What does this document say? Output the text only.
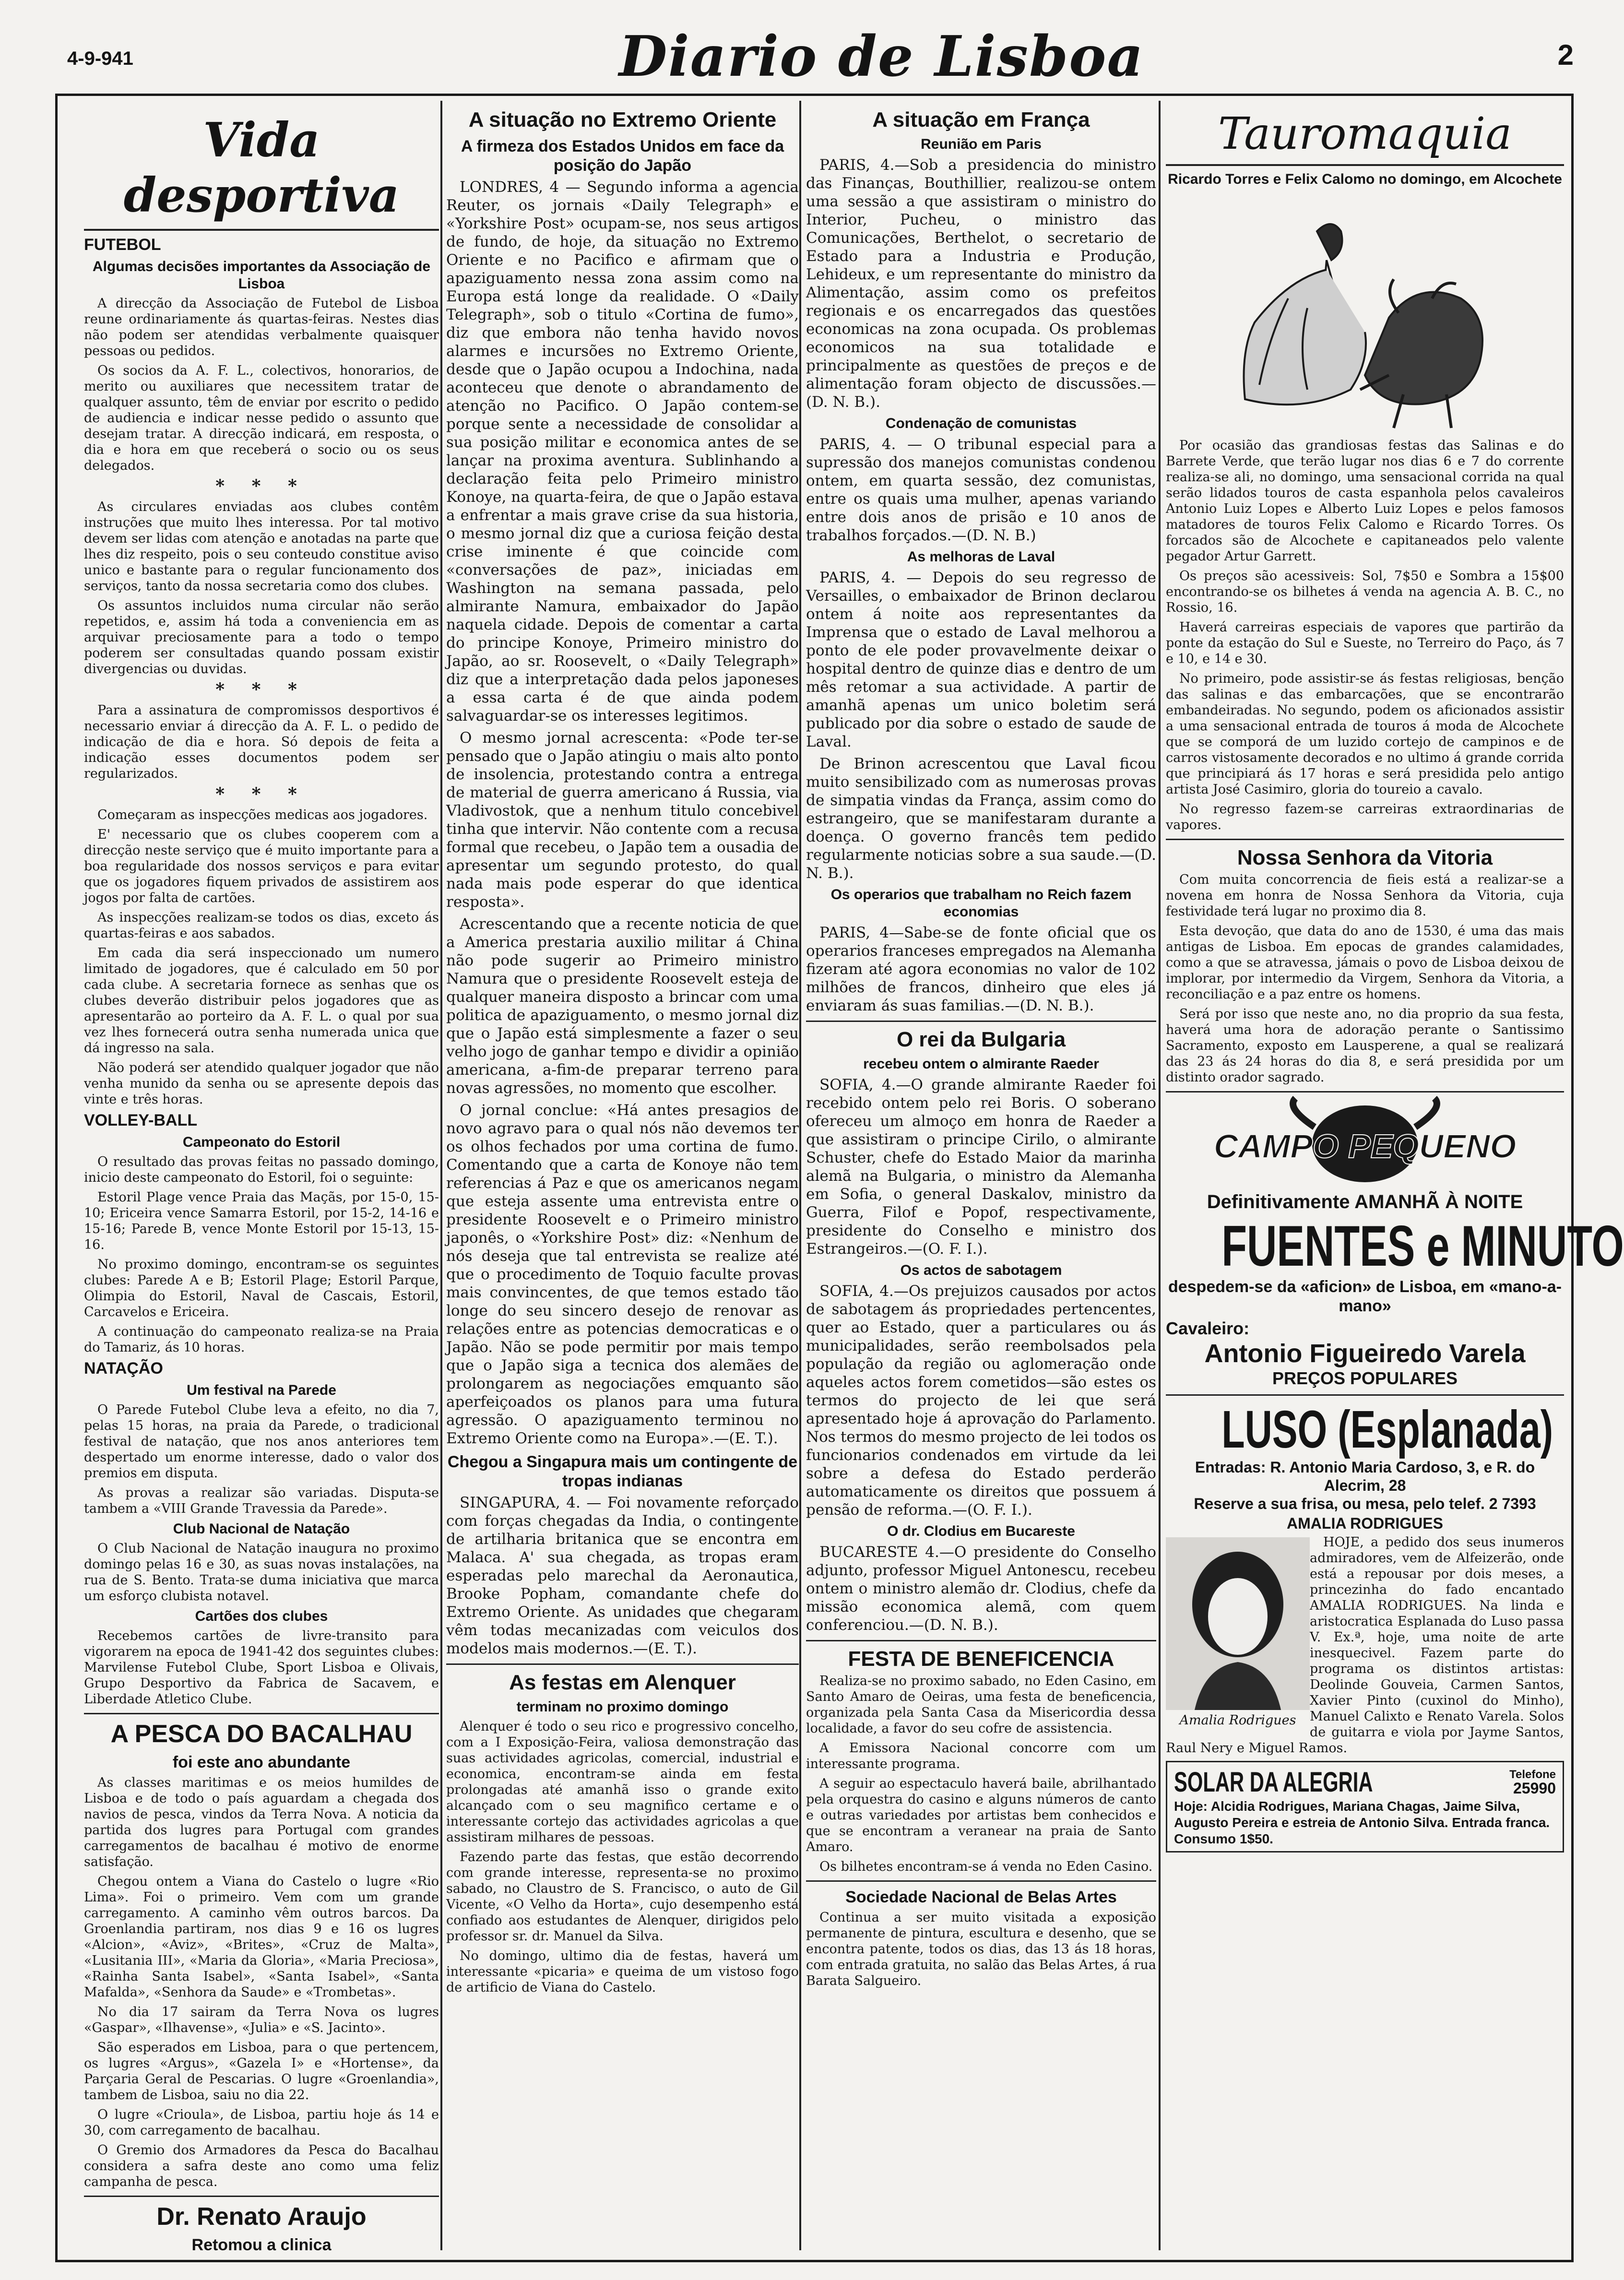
4-9-941	Diario de Lisboa	2
Vida desportiva
FUTEBOL
Algumas decisões importantes da Associação de Lisboa

A direcção da Associação de Futebol de Lisboa reune ordinariamente ás quartas-feiras. Nestes dias não podem ser atendidas verbalmente quaisquer pessoas ou pedidos.

Os socios da A. F. L., colectivos, honorarios, de merito ou auxiliares que necessitem tratar de qualquer assunto, têm de enviar por escrito o pedido de audiencia e indicar nesse pedido o assunto que desejam tratar. A direcção indicará, em resposta, o dia e hora em que receberá o socio ou os seus delegados.

* * *

As circulares enviadas aos clubes contêm instruções que muito lhes interessa. Por tal motivo devem ser lidas com atenção e anotadas na parte que lhes diz respeito, pois o seu conteudo constitue aviso unico e bastante para o regular funcionamento dos serviços, tanto da nossa secretaria como dos clubes.

Os assuntos incluidos numa circular não serão repetidos, e, assim há toda a conveniencia em as arquivar preciosamente para a todo o tempo poderem ser consultadas quando possam existir divergencias ou duvidas.

* * *

Para a assinatura de compromissos desportivos é necessario enviar á direcção da A. F. L. o pedido de indicação de dia e hora. Só depois de feita a indicação esses documentos podem ser regularizados.

* * *

Começaram as inspecções medicas aos jogadores.

E' necessario que os clubes cooperem com a direcção neste serviço que é muito importante para a boa regularidade dos nossos serviços e para evitar que os jogadores fiquem privados de assistirem aos jogos por falta de cartões.

As inspecções realizam-se todos os dias, exceto ás quartas-feiras e aos sabados.

Em cada dia será inspeccionado um numero limitado de jogadores, que é calculado em 50 por cada clube. A secretaria fornece as senhas que os clubes deverão distribuir pelos jogadores que as apresentarão ao porteiro da A. F. L. o qual por sua vez lhes fornecerá outra senha numerada unica que dá ingresso na sala.

Não poderá ser atendido qualquer jogador que não venha munido da senha ou se apresente depois das vinte e três horas.

VOLLEY-BALL
Campeonato do Estoril

O resultado das provas feitas no passado domingo, inicio deste campeonato do Estoril, foi o seguinte:

Estoril Plage vence Praia das Maçãs, por 15-0, 15-10; Ericeira vence Samarra Estoril, por 15-2, 14-16 e 15-16; Parede B, vence Monte Estoril por 15-13, 15-16.

No proximo domingo, encontram-se os seguintes clubes: Parede A e B; Estoril Plage; Estoril Parque, Olimpia do Estoril, Naval de Cascais, Estoril, Carcavelos e Ericeira.

A continuação do campeonato realiza-se na Praia do Tamariz, ás 10 horas.

NATAÇÃO
Um festival na Parede

O Parede Futebol Clube leva a efeito, no dia 7, pelas 15 horas, na praia da Parede, o tradicional festival de natação, que nos anos anteriores tem despertado um enorme interesse, dado o valor dos premios em disputa.

As provas a realizar são variadas. Disputa-se tambem a «VIII Grande Travessia da Parede».

Club Nacional de Natação

O Club Nacional de Natação inaugura no proximo domingo pelas 16 e 30, as suas novas instalações, na rua de S. Bento. Trata-se duma iniciativa que marca um esforço clubista notavel.

Cartões dos clubes

Recebemos cartões de livre-transito para vigorarem na epoca de 1941-42 dos seguintes clubes: Marvilense Futebol Clube, Sport Lisboa e Olivais, Grupo Desportivo da Fabrica de Sacavem, e Liberdade Atletico Clube.

A PESCA DO BACALHAU
foi este ano abundante

As classes maritimas e os meios humildes de Lisboa e de todo o país aguardam a chegada dos navios de pesca, vindos da Terra Nova. A noticia da partida dos lugres para Portugal com grandes carregamentos de bacalhau é motivo de enorme satisfação.

Chegou ontem a Viana do Castelo o lugre «Rio Lima». Foi o primeiro. Vem com um grande carregamento. A caminho vêm outros barcos. Da Groenlandia partiram, nos dias 9 e 16 os lugres «Alcion», «Aviz», «Brites», «Cruz de Malta», «Lusitania III», «Maria da Gloria», «Maria Preciosa», «Rainha Santa Isabel», «Santa Isabel», «Santa Mafalda», «Senhora da Saude» e «Trombetas».

No dia 17 sairam da Terra Nova os lugres «Gaspar», «Ilhavense», «Julia» e «S. Jacinto».

São esperados em Lisboa, para o que pertencem, os lugres «Argus», «Gazela I» e «Hortense», da Parçaria Geral de Pescarias. O lugre «Groenlandia», tambem de Lisboa, saiu no dia 22.

O lugre «Crioula», de Lisboa, partiu hoje ás 14 e 30, com carregamento de bacalhau.

O Gremio dos Armadores da Pesca do Bacalhau considera a safra deste ano como uma feliz campanha de pesca.

Dr. Renato Araujo
Retomou a clinica
A situação no Extremo Oriente
A firmeza dos Estados Unidos em face da posição do Japão

LONDRES, 4 — Segundo informa a agencia Reuter, os jornais «Daily Telegraph» e «Yorkshire Post» ocupam-se, nos seus artigos de fundo, de hoje, da situação no Extremo Oriente e no Pacifico e afirmam que o apaziguamento nessa zona assim como na Europa está longe da realidade. O «Daily Telegraph», sob o titulo «Cortina de fumo», diz que embora não tenha havido novos alarmes e incursões no Extremo Oriente, desde que o Japão ocupou a Indochina, nada aconteceu que denote o abrandamento de atenção no Pacifico. O Japão contem-se porque sente a necessidade de consolidar a sua posição militar e economica antes de se lançar na proxima aventura. Sublinhando a declaração feita pelo Primeiro ministro Konoye, na quarta-feira, de que o Japão estava a enfrentar a mais grave crise da sua historia, o mesmo jornal diz que a curiosa feição desta crise iminente é que coincide com «conversações de paz», iniciadas em Washington na semana passada, pelo almirante Namura, embaixador do Japão naquela cidade. Depois de comentar a carta do principe Konoye, Primeiro ministro do Japão, ao sr. Roosevelt, o «Daily Telegraph» diz que a interpretação dada pelos japoneses a essa carta é de que ainda podem salvaguardar-se os interesses legitimos.

O mesmo jornal acrescenta: «Pode ter-se pensado que o Japão atingiu o mais alto ponto de insolencia, protestando contra a entrega de material de guerra americano á Russia, via Vladivostok, que a nenhum titulo concebivel tinha que intervir. Não contente com a recusa formal que recebeu, o Japão tem a ousadia de apresentar um segundo protesto, do qual nada mais pode esperar do que identica resposta».

Acrescentando que a recente noticia de que a America prestaria auxilio militar á China não pode sugerir ao Primeiro ministro Namura que o presidente Roosevelt esteja de qualquer maneira disposto a brincar com uma politica de apaziguamento, o mesmo jornal diz que o Japão está simplesmente a fazer o seu velho jogo de ganhar tempo e dividir a opinião americana, a-fim-de preparar terreno para novas agressões, no momento que escolher.

O jornal conclue: «Há antes presagios de novo agravo para o qual nós não devemos ter os olhos fechados por uma cortina de fumo. Comentando que a carta de Konoye não tem referencias á Paz e que os americanos negam que esteja assente uma entrevista entre o presidente Roosevelt e o Primeiro ministro japonês, o «Yorkshire Post» diz: «Nenhum de nós deseja que tal entrevista se realize até que o procedimento de Toquio faculte provas mais convincentes, de que temos estado tão longe do seu sincero desejo de renovar as relações entre as potencias democraticas e o Japão. Não se pode permitir por mais tempo que o Japão siga a tecnica dos alemães de prolongarem as negociações emquanto são aperfeiçoados os planos para uma futura agressão. O apaziguamento terminou no Extremo Oriente como na Europa».—(E. T.).

Chegou a Singapura mais um contingente de tropas indianas

SINGAPURA, 4. — Foi novamente reforçado com forças chegadas da India, o contingente de artilharia britanica que se encontra em Malaca. A' sua chegada, as tropas eram esperadas pelo marechal da Aeronautica, Brooke Popham, comandante chefe do Extremo Oriente. As unidades que chegaram vêm todas mecanizadas com veiculos dos modelos mais modernos.—(E. T.).

As festas em Alenquer
terminam no proximo domingo

Alenquer é todo o seu rico e progressivo concelho, com a I Exposição-Feira, valiosa demonstração das suas actividades agricolas, comercial, industrial e economica, encontram-se ainda em festa prolongadas até amanhã isso o grande exito alcançado com o seu magnifico certame e o interessante cortejo das actividades agricolas a que assistiram milhares de pessoas.

Fazendo parte das festas, que estão decorrendo com grande interesse, representa-se no proximo sabado, no Claustro de S. Francisco, o auto de Gil Vicente, «O Velho da Horta», cujo desempenho está confiado aos estudantes de Alenquer, dirigidos pelo professor sr. dr. Manuel da Silva.

No domingo, ultimo dia de festas, haverá um interessante «picaria» e queima de um vistoso fogo de artificio de Viana do Castelo.

A situação em França
Reunião em Paris

PARIS, 4.—Sob a presidencia do ministro das Finanças, Bouthillier, realizou-se ontem uma sessão a que assistiram o ministro do Interior, Pucheu, o ministro das Comunicações, Berthelot, o secretario de Estado para a Industria e Produção, Lehideux, e um representante do ministro da Alimentação, assim como os prefeitos regionais e os encarregados das questões economicas na zona ocupada. Os problemas economicos na sua totalidade e principalmente as questões de preços e de alimentação foram objecto de discussões.—(D. N. B.).

Condenação de comunistas

PARIS, 4. — O tribunal especial para a supressão dos manejos comunistas condenou ontem, em quarta sessão, dez comunistas, entre os quais uma mulher, apenas variando entre dois anos de prisão e 10 anos de trabalhos forçados.—(D. N. B.)

As melhoras de Laval

PARIS, 4. — Depois do seu regresso de Versailles, o embaixador de Brinon declarou ontem á noite aos representantes da Imprensa que o estado de Laval melhorou a ponto de ele poder provavelmente deixar o hospital dentro de quinze dias e dentro de um mês retomar a sua actividade. A partir de amanhã apenas um unico boletim será publicado por dia sobre o estado de saude de Laval.

De Brinon acrescentou que Laval ficou muito sensibilizado com as numerosas provas de simpatia vindas da França, assim como do estrangeiro, que se manifestaram durante a doença. O governo francês tem pedido regularmente noticias sobre a sua saude.—(D. N. B.).

Os operarios que trabalham no Reich fazem economias

PARIS, 4—Sabe-se de fonte oficial que os operarios franceses empregados na Alemanha fizeram até agora economias no valor de 102 milhões de francos, dinheiro que eles já enviaram ás suas familias.—(D. N. B.).

O rei da Bulgaria
recebeu ontem o almirante Raeder

SOFIA, 4.—O grande almirante Raeder foi recebido ontem pelo rei Boris. O soberano ofereceu um almoço em honra de Raeder a que assistiram o principe Cirilo, o almirante Schuster, chefe do Estado Maior da marinha alemã na Bulgaria, o ministro da Alemanha em Sofia, o general Daskalov, ministro da Guerra, Filof e Popof, respectivamente, presidente do Conselho e ministro dos Estrangeiros.—(O. F. I.).

Os actos de sabotagem

SOFIA, 4.—Os prejuizos causados por actos de sabotagem ás propriedades pertencentes, quer ao Estado, quer a particulares ou ás municipalidades, serão reembolsados pela população da região ou aglomeração onde aqueles actos forem cometidos—são estes os termos do projecto de lei que será apresentado hoje á aprovação do Parlamento. Nos termos do mesmo projecto de lei todos os funcionarios condenados em virtude da lei sobre a defesa do Estado perderão automaticamente os direitos que possuem á pensão de reforma.—(O. F. I.).

O dr. Clodius em Bucareste

BUCARESTE 4.—O presidente do Conselho adjunto, professor Miguel Antonescu, recebeu ontem o ministro alemão dr. Clodius, chefe da missão economica alemã, com quem conferenciou.—(D. N. B.).

FESTA DE BENEFICENCIA

Realiza-se no proximo sabado, no Eden Casino, em Santo Amaro de Oeiras, uma festa de beneficencia, organizada pela Santa Casa da Misericordia dessa localidade, a favor do seu cofre de assistencia.

A Emissora Nacional concorre com um interessante programa.

A seguir ao espectaculo haverá baile, abrilhantado pela orquestra do casino e alguns números de canto e outras variedades por artistas bem conhecidos e que se encontram a veranear na praia de Santo Amaro.

Os bilhetes encontram-se á venda no Eden Casino.

Sociedade Nacional de Belas Artes

Continua a ser muito visitada a exposição permanente de pintura, escultura e desenho, que se encontra patente, todos os dias, das 13 ás 18 horas, com entrada gratuita, no salão das Belas Artes, á rua Barata Salgueiro.

Tauromaquia
Ricardo Torres e Felix Calomo no domingo, em Alcochete

Por ocasião das grandiosas festas das Salinas e do Barrete Verde, que terão lugar nos dias 6 e 7 do corrente realiza-se ali, no domingo, uma sensacional corrida na qual serão lidados touros de casta espanhola pelos cavaleiros Antonio Luiz Lopes e Alberto Luiz Lopes e pelos famosos matadores de touros Felix Calomo e Ricardo Torres. Os forcados são de Alcochete e capitaneados pelo valente pegador Artur Garrett.

Os preços são acessiveis: Sol, 7$50 e Sombra a 15$00 encontrando-se os bilhetes á venda na agencia A. B. C., no Rossio, 16.

Haverá carreiras especiais de vapores que partirão da ponte da estação do Sul e Sueste, no Terreiro do Paço, ás 7 e 10, e 14 e 30.

No primeiro, pode assistir-se ás festas religiosas, benção das salinas e das embarcações, que se encontrarão embandeiradas. No segundo, podem os aficionados assistir a uma sensacional entrada de touros á moda de Alcochete que se comporá de um luzido cortejo de campinos e de carros vistosamente decorados e no ultimo á grande corrida que principiará ás 17 horas e será presidida pelo antigo artista José Casimiro, gloria do toureio a cavalo.

No regresso fazem-se carreiras extraordinarias de vapores.

Nossa Senhora da Vitoria

Com muita concorrencia de fieis está a realizar-se a novena em honra de Nossa Senhora da Vitoria, cuja festividade terá lugar no proximo dia 8.

Esta devoção, que data do ano de 1530, é uma das mais antigas de Lisboa. Em epocas de grandes calamidades, como a que se atravessa, jámais o povo de Lisboa deixou de implorar, por intermedio da Virgem, Senhora da Vitoria, a reconciliação e a paz entre os homens.

Será por isso que neste ano, no dia proprio da sua festa, haverá uma hora de adoração perante o Santissimo Sacramento, exposto em Lausperene, a qual se realizará das 23 ás 24 horas do dia 8, e será presidida por um distinto orador sagrado.

CAMPO PEQUENO
Definitivamente AMANHÃ À NOITE
FUENTES e MINUTO
despedem-se da «aficion» de Lisboa, em «mano-a-mano»
Cavaleiro:
Antonio Figueiredo Varela
PREÇOS POPULARES
LUSO (Esplanada)
Entradas: R. Antonio Maria Cardoso, 3, e R. do Alecrim, 28
Reserve a sua frisa, ou mesa, pelo telef. 2 7393
AMALIA RODRIGUES
Amalia Rodrigues

HOJE, a pedido dos seus inumeros admiradores, vem de Alfeizerão, onde está a repousar por dois meses, a princezinha do fado encantado AMALIA RODRIGUES. Na linda e aristocratica Esplanada do Luso passa V. Ex.ª, hoje, uma noite de arte inesquecivel. Fazem parte do programa os distintos artistas: Deolinde Gouveia, Carmen Santos, Xavier Pinto (cuxinol do Minho), Manuel Calixto e Renato Varela. Solos de guitarra e viola por Jayme Santos, Raul Nery e Miguel Ramos.

SOLAR DA ALEGRIA	Telefone
25990
Hoje: Alcidia Rodrigues, Mariana Chagas, Jaime Silva, Augusto Pereira e estreia de Antonio Silva. Entrada franca. Consumo 1$50.
